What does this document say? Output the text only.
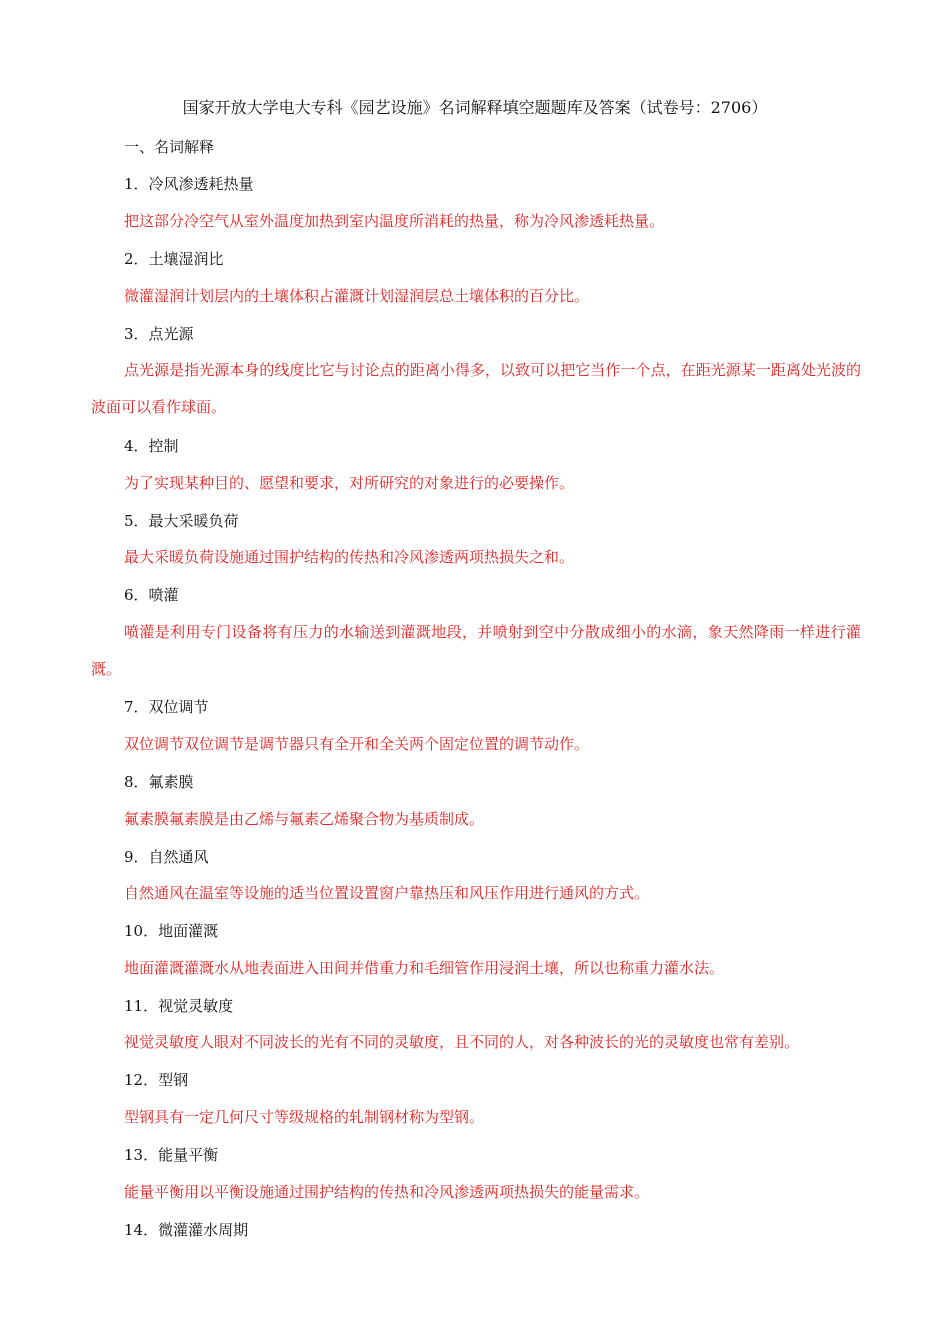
国家开放大学电大专科《园艺设施》名词解释填空题题库及答案（试卷号：2706）
一、名词解释
1．冷风渗透耗热量
把这部分冷空气从室外温度加热到室内温度所消耗的热量，称为冷风渗透耗热量。
2．土壤湿润比
微灌湿润计划层内的土壤体积占灌溉计划湿润层总土壤体积的百分比。
3．点光源
点光源是指光源本身的线度比它与讨论点的距离小得多，以致可以把它当作一个点，在距光源某一距离处光波的波面可以看作球面。
4．控制
为了实现某种目的、愿望和要求，对所研究的对象进行的必要操作。
5．最大采暖负荷
最大采暖负荷设施通过围护结构的传热和冷风渗透两项热损失之和。
6．喷灌
喷灌是利用专门设备将有压力的水输送到灌溉地段，并喷射到空中分散成细小的水滴，象天然降雨一样进行灌溉。
7．双位调节
双位调节双位调节是调节器只有全开和全关两个固定位置的调节动作。
8．氟素膜
氟素膜氟素膜是由乙烯与氟素乙烯聚合物为基质制成。
9．自然通风
自然通风在温室等设施的适当位置设置窗户靠热压和风压作用进行通风的方式。
10．地面灌溉
地面灌溉灌溉水从地表面进入田间并借重力和毛细管作用浸润土壤，所以也称重力灌水法。
11．视觉灵敏度
视觉灵敏度人眼对不同波长的光有不同的灵敏度，且不同的人，对各种波长的光的灵敏度也常有差别。
12．型钢
型钢具有一定几何尺寸等级规格的轧制钢材称为型钢。
13．能量平衡
能量平衡用以平衡设施通过围护结构的传热和冷风渗透两项热损失的能量需求。
14．微灌灌水周期
